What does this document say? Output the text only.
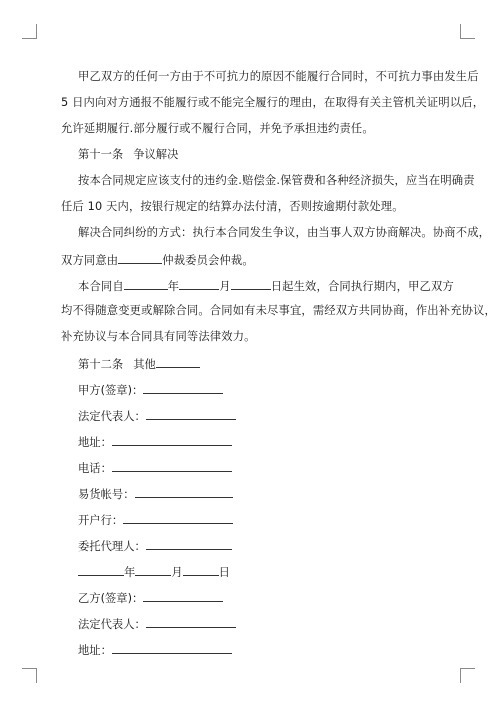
甲乙双方的任何一方由于不可抗力的原因不能履行合同时，不可抗力事由发生后
5 日内向对方通报不能履行或不能完全履行的理由，在取得有关主管机关证明以后，
允许延期履行.部分履行或不履行合同，并免予承担违约责任。
第十一条 争议解决
按本合同规定应该支付的违约金.赔偿金.保管费和各种经济损失，应当在明确责
任后 10 天内，按银行规定的结算办法付清，否则按逾期付款处理。
解决合同纠纷的方式：执行本合同发生争议，由当事人双方协商解决。协商不成，
双方同意由	仲裁委员会仲裁。
本合同自	年	月	日起生效，合同执行期内，甲乙双方
均不得随意变更或解除合同。合同如有未尽事宜，需经双方共同协商，作出补充协议，
补充协议与本合同具有同等法律效力。
第十二条 其他
甲方(签章)：
法定代表人：
地址：
电话：
易货帐号：
开户行：
委托代理人：
年	月	日
乙方(签章)：
法定代表人：
地址：
